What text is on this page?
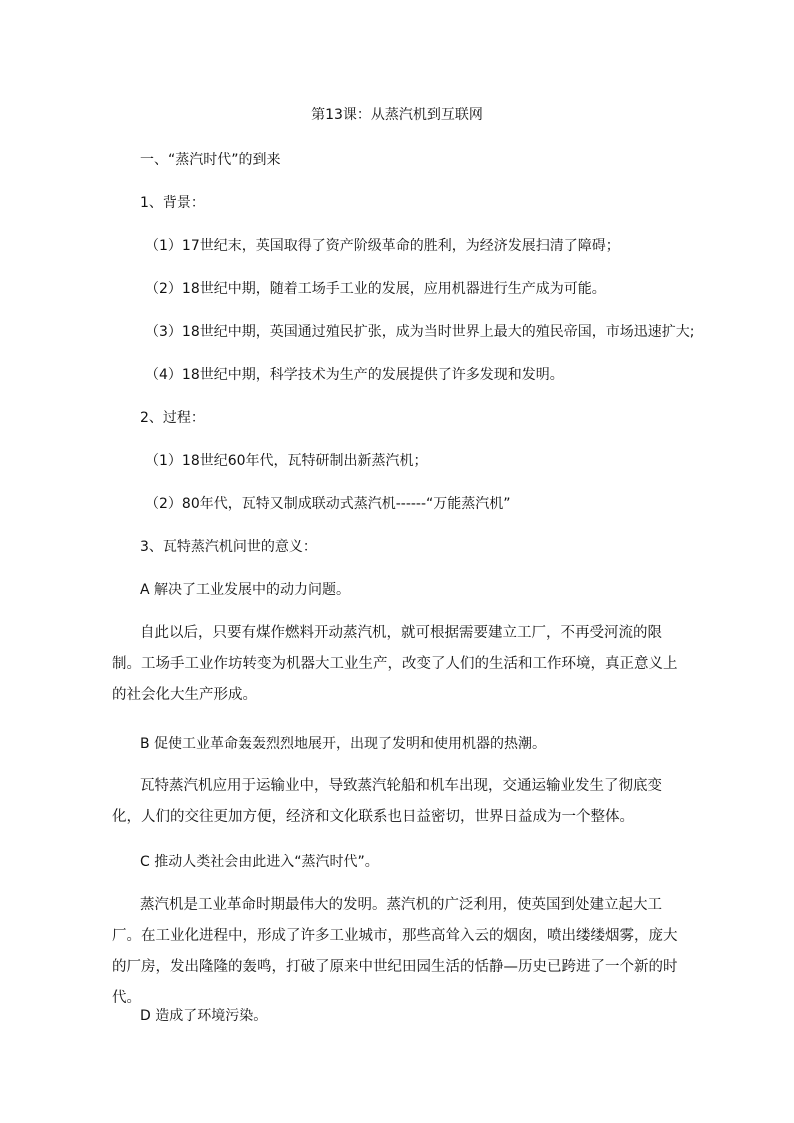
第13课：从蒸汽机到互联网
一、“蒸汽时代”的到来
1、背景：
（1）17世纪末，英国取得了资产阶级革命的胜利，为经济发展扫清了障碍；
（2）18世纪中期，随着工场手工业的发展，应用机器进行生产成为可能。
（3）18世纪中期，英国通过殖民扩张，成为当时世界上最大的殖民帝国，市场迅速扩大;
（4）18世纪中期，科学技术为生产的发展提供了许多发现和发明。
2、过程：
（1）18世纪60年代，瓦特研制出新蒸汽机；
（2）80年代，瓦特又制成联动式蒸汽机------“万能蒸汽机”
3、瓦特蒸汽机问世的意义：
A 解决了工业发展中的动力问题。

自此以后，只要有煤作燃料开动蒸汽机，就可根据需要建立工厂，不再受河流的限制。工场手工业作坊转变为机器大工业生产，改变了人们的生活和工作环境，真正意义上的社会化大生产形成。

B 促使工业革命轰轰烈烈地展开，出现了发明和使用机器的热潮。

瓦特蒸汽机应用于运输业中，导致蒸汽轮船和机车出现，交通运输业发生了彻底变化，人们的交往更加方便，经济和文化联系也日益密切，世界日益成为一个整体。

C 推动人类社会由此进入“蒸汽时代”。

蒸汽机是工业革命时期最伟大的发明。蒸汽机的广泛利用，使英国到处建立起大工厂。在工业化进程中，形成了许多工业城市，那些高耸入云的烟囱，喷出缕缕烟雾，庞大的厂房，发出隆隆的轰鸣，打破了原来中世纪田园生活的恬静—历史已跨进了一个新的时代。

D 造成了环境污染。
